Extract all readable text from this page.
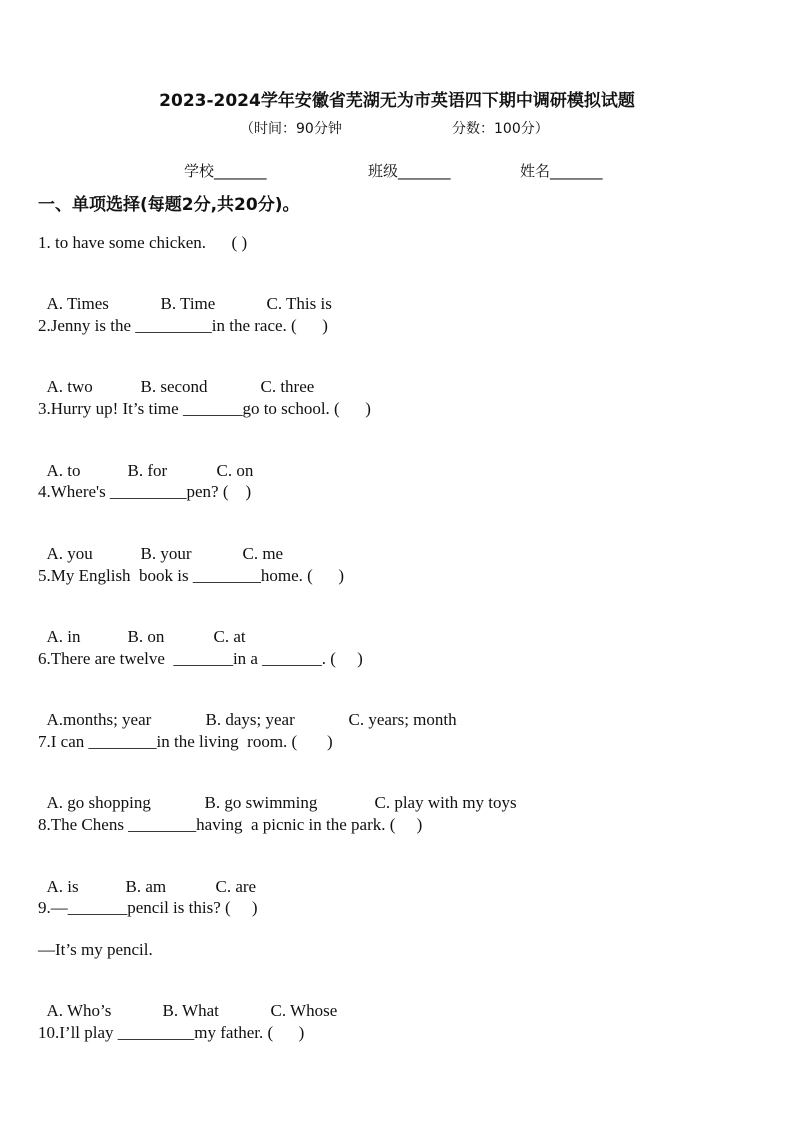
2023-2024学年安徽省芜湖无为市英语四下期中调研模拟试题
（时间：90分钟	分数：100分）
学校_______	班级_______	姓名_______
一、单项选择(每题2分,共20分)。
1. to have some chicken.      ( )

A. Times	B. Time	C. This is

2.Jenny is the _________in the race. (      )

A. two	B. second	C. three

3.Hurry up! It’s time _______go to school. (      )

A. to	B. for	C. on

4.Where's _________pen? (    )

A. you	B. your	C. me

5.My English  book is ________home. (      )

A. in	B. on	C. at

6.There are twelve  _______in a _______. (     )

A.months; year	B. days; year	C. years; month

7.I can ________in the living  room. (       )

A. go shopping	B. go swimming	C. play with my toys

8.The Chens ________having  a picnic in the park. (     )

A. is	B. am	C. are

9.—_______pencil is this? (     )
—It’s my pencil.

A. Who’s	B. What	C. Whose

10.I’ll play _________my father. (      )
